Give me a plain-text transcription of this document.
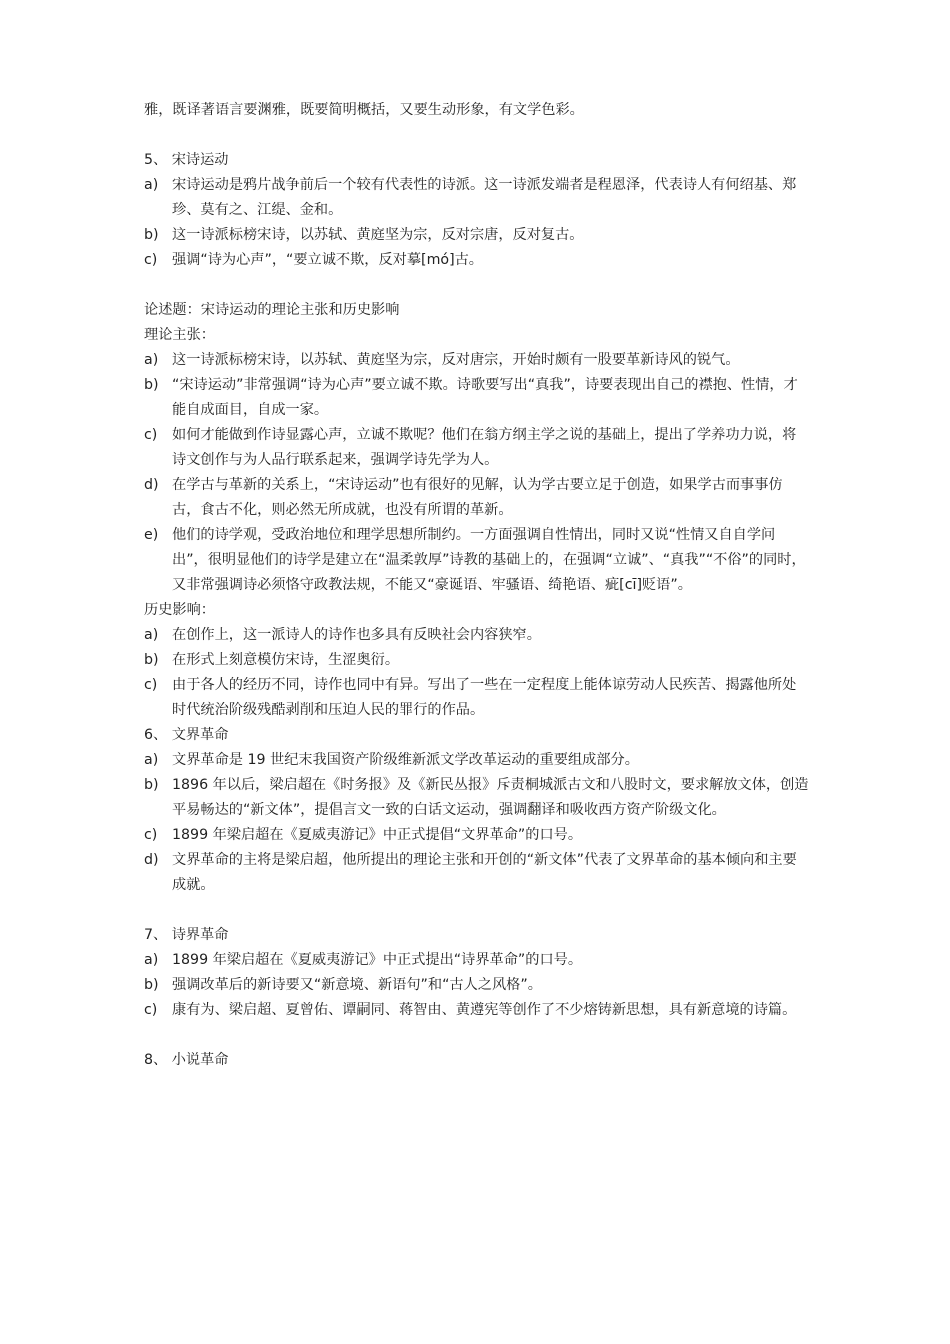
雅，既译著语言要渊雅，既要简明概括，又要生动形象，有文学色彩。

5、 宋诗运动

a) 宋诗运动是鸦片战争前后一个较有代表性的诗派。这一诗派发端者是程恩泽，代表诗人有何绍基、郑珍、莫有之、江缇、金和。
b) 这一诗派标榜宋诗，以苏轼、黄庭坚为宗，反对宗唐，反对复古。
c) 强调“诗为心声”，“要立诚不欺，反对摹[mó]古。

论述题：宋诗运动的理论主张和历史影响

理论主张：

a) 这一诗派标榜宋诗，以苏轼、黄庭坚为宗，反对唐宗，开始时颇有一股要革新诗风的锐气。
b) “宋诗运动”非常强调“诗为心声”要立诚不欺。诗歌要写出“真我”，诗要表现出自己的襟抱、性情，才能自成面目，自成一家。
c) 如何才能做到作诗显露心声，立诚不欺呢？他们在翁方纲主学之说的基础上，提出了学养功力说，将诗文创作与为人品行联系起来，强调学诗先学为人。
d) 在学古与革新的关系上，“宋诗运动”也有很好的见解，认为学古要立足于创造，如果学古而事事仿古，食古不化，则必然无所成就，也没有所谓的革新。
e) 他们的诗学观，受政治地位和理学思想所制约。一方面强调自性情出，同时又说“性情又自自学问出”，很明显他们的诗学是建立在“温柔敦厚”诗教的基础上的，在强调“立诚”、“真我”“不俗”的同时，又非常强调诗必须恪守政教法规，不能又“豪诞语、牢骚语、绮艳语、疵[cī]贬语”。

历史影响：

a) 在创作上，这一派诗人的诗作也多具有反映社会内容狭窄。
b) 在形式上刻意模仿宋诗，生涩奥衍。
c) 由于各人的经历不同，诗作也同中有异。写出了一些在一定程度上能体谅劳动人民疾苦、揭露他所处时代统治阶级残酷剥削和压迫人民的罪行的作品。

6、 文界革命

a) 文界革命是 19 世纪末我国资产阶级维新派文学改革运动的重要组成部分。
b) 1896 年以后，梁启超在《时务报》及《新民丛报》斥责桐城派古文和八股时文，要求解放文体，创造平易畅达的“新文体”，提倡言文一致的白话文运动，强调翻译和吸收西方资产阶级文化。
c) 1899 年梁启超在《夏威夷游记》中正式提倡“文界革命”的口号。
d) 文界革命的主将是梁启超，他所提出的理论主张和开创的“新文体”代表了文界革命的基本倾向和主要成就。

7、 诗界革命

a) 1899 年梁启超在《夏威夷游记》中正式提出“诗界革命”的口号。
b) 强调改革后的新诗要又“新意境、新语句”和“古人之风格”。
c) 康有为、梁启超、夏曾佑、谭嗣同、蒋智由、黄遵宪等创作了不少熔铸新思想，具有新意境的诗篇。

8、 小说革命
